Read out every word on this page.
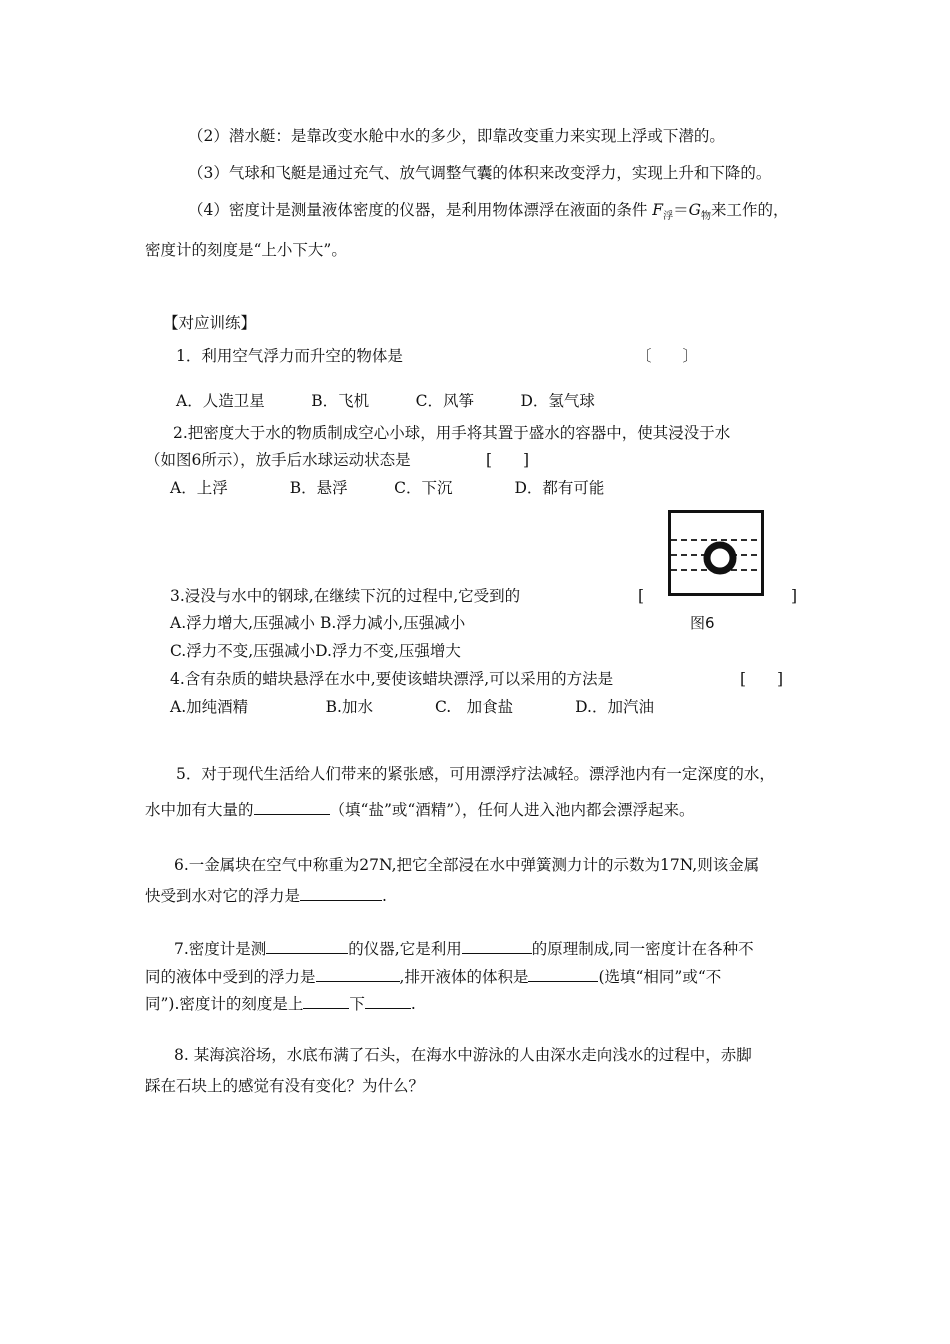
（2）潜水艇：是靠改变水舱中水的多少，即靠改变重力来实现上浮或下潜的。
（3）气球和飞艇是通过充气、放气调整气囊的体积来改变浮力，实现上升和下降的。
（4）密度计是测量液体密度的仪器，是利用物体漂浮在液面的条件 $F_浮=G_物$来工作的，
密度计的刻度是“上小下大”。
【对应训练】
1．利用空气浮力而升空的物体是	〔　　〕
A．人造卫星　　　B．飞机　　　C．风筝　　　D．氢气球
2.把密度大于水的物质制成空心小球，用手将其置于盛水的容器中，使其浸没于水
（如图6所示），放手后水球运动状态是	[　　]
A．上浮　　　　B．悬浮　　　C．下沉　　　　D．都有可能
图6
3.浸没与水中的钢球,在继续下沉的过程中,它受到的	[	]
A.浮力增大,压强减小 B.浮力减小,压强减小
C.浮力不变,压强减小D.浮力不变,压强增大
4.含有杂质的蜡块悬浮在水中,要使该蜡块漂浮,可以采用的方法是	[　　]
A.加纯酒精　　　　　B.加水　　　　C.　加食盐　　　　D.．加汽油
5．对于现代生活给人们带来的紧张感，可用漂浮疗法减轻。漂浮池内有一定深度的水，
水中加有大量的	（填“盐”或“酒精”），任何人进入池内都会漂浮起来。
6.一金属块在空气中称重为27N,把它全部浸在水中弹簧测力计的示数为17N,则该金属
快受到水对它的浮力是	.
7.密度计是测	的仪器,它是利用	的原理制成,同一密度计在各种不
同的液体中受到的浮力是	,排开液体的体积是	(选填“相同”或“不
同”).密度计的刻度是上	下	.
8. 某海滨浴场，水底布满了石头，在海水中游泳的人由深水走向浅水的过程中，赤脚
踩在石块上的感觉有没有变化？为什么？
